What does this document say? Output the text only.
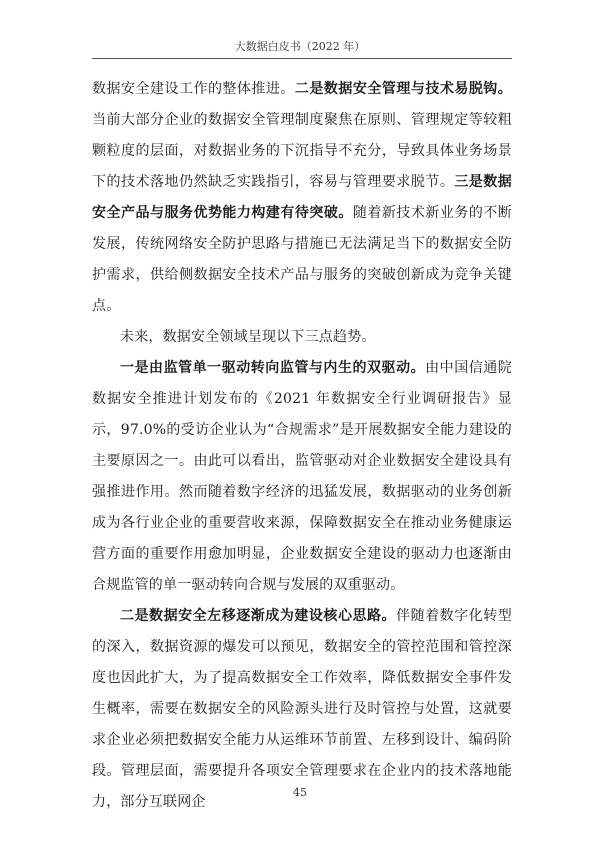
大数据白皮书（2022 年）

数据安全建设工作的整体推进。二是数据安全管理与技术易脱钩。当前大部分企业的数据安全管理制度聚焦在原则、管理规定等较粗颗粒度的层面，对数据业务的下沉指导不充分，导致具体业务场景下的技术落地仍然缺乏实践指引，容易与管理要求脱节。三是数据安全产品与服务优势能力构建有待突破。随着新技术新业务的不断发展，传统网络安全防护思路与措施已无法满足当下的数据安全防护需求，供给侧数据安全技术产品与服务的突破创新成为竞争关键点。

未来，数据安全领域呈现以下三点趋势。

一是由监管单一驱动转向监管与内生的双驱动。由中国信通院数据安全推进计划发布的《2021 年数据安全行业调研报告》显示，97.0%的受访企业认为“合规需求”是开展数据安全能力建设的主要原因之一。由此可以看出，监管驱动对企业数据安全建设具有强推进作用。然而随着数字经济的迅猛发展，数据驱动的业务创新成为各行业企业的重要营收来源，保障数据安全在推动业务健康运营方面的重要作用愈加明显，企业数据安全建设的驱动力也逐渐由合规监管的单一驱动转向合规与发展的双重驱动。

二是数据安全左移逐渐成为建设核心思路。伴随着数字化转型的深入，数据资源的爆发可以预见，数据安全的管控范围和管控深度也因此扩大，为了提高数据安全工作效率，降低数据安全事件发生概率，需要在数据安全的风险源头进行及时管控与处置，这就要求企业必须把数据安全能力从运维环节前置、左移到设计、编码阶段。管理层面，需要提升各项安全管理要求在企业内的技术落地能力，部分互联网企

45
